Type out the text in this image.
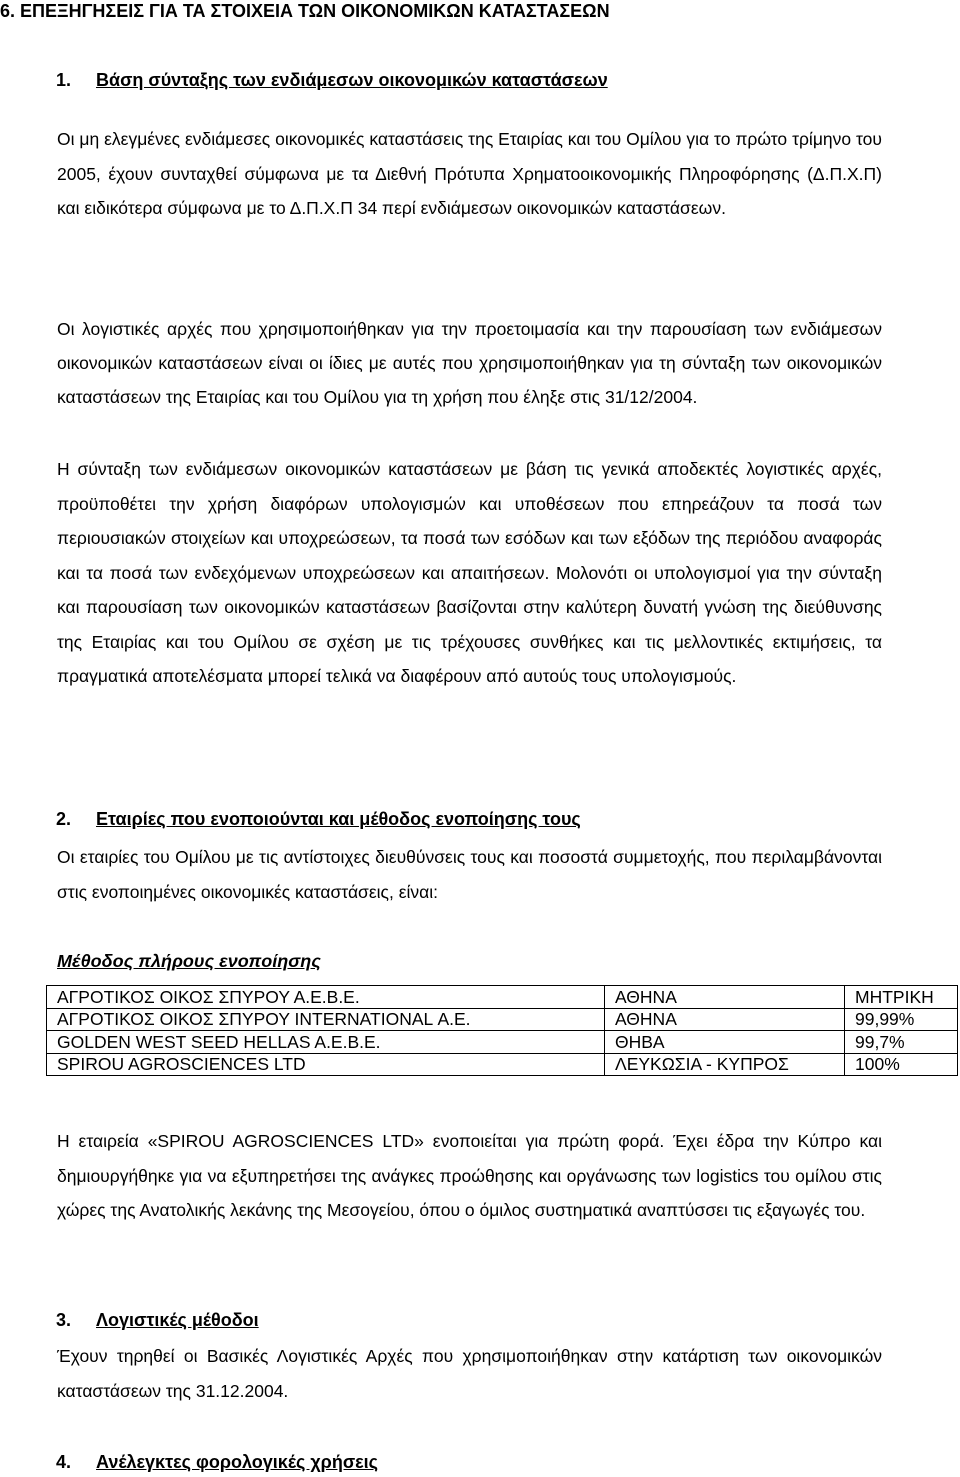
6. ΕΠΕΞΗΓΗΣΕΙΣ ΓΙΑ ΤΑ ΣΤΟΙΧΕΙΑ ΤΩΝ ΟΙΚΟΝΟΜΙΚΩΝ ΚΑΤΑΣΤΑΣΕΩΝ
1. Βάση σύνταξης των ενδιάμεσων οικονομικών καταστάσεων

Οι μη ελεγμένες ενδιάμεσες οικονομικές καταστάσεις της Εταιρίας και του Ομίλου για το πρώτο τρίμηνο του 2005, έχουν συνταχθεί σύμφωνα με τα Διεθνή Πρότυπα Χρηματοοικονομικής Πληροφόρησης (Δ.Π.Χ.Π) και ειδικότερα σύμφωνα με το Δ.Π.Χ.Π 34 περί ενδιάμεσων οικονομικών καταστάσεων.

Οι λογιστικές αρχές που χρησιμοποιήθηκαν για την προετοιμασία και την παρουσίαση των ενδιάμεσων οικονομικών καταστάσεων είναι οι ίδιες με αυτές που χρησιμοποιήθηκαν για τη σύνταξη των οικονομικών καταστάσεων της Εταιρίας και του Ομίλου για τη χρήση που έληξε στις 31/12/2004.

Η σύνταξη των ενδιάμεσων οικονομικών καταστάσεων με βάση τις γενικά αποδεκτές λογιστικές αρχές, προϋποθέτει την χρήση διαφόρων υπολογισμών και υποθέσεων που επηρεάζουν τα ποσά των περιουσιακών στοιχείων και υποχρεώσεων, τα ποσά των εσόδων και των εξόδων της περιόδου αναφοράς και τα ποσά των ενδεχόμενων υποχρεώσεων και απαιτήσεων. Μολονότι οι υπολογισμοί για την σύνταξη και παρουσίαση των οικονομικών καταστάσεων βασίζονται στην καλύτερη δυνατή γνώση της διεύθυνσης της Εταιρίας και του Ομίλου σε σχέση με τις τρέχουσες συνθήκες και τις μελλοντικές εκτιμήσεις, τα πραγματικά αποτελέσματα μπορεί τελικά να διαφέρουν από αυτούς τους υπολογισμούς.

2. Εταιρίες που ενοποιούνται και μέθοδος ενοποίησης τους

Οι εταιρίες του Ομίλου με τις αντίστοιχες διευθύνσεις τους και ποσοστά συμμετοχής, που περιλαμβάνονται στις ενοποιημένες οικονομικές καταστάσεις, είναι:

Μέθοδος πλήρους ενοποίησης
ΑΓΡΟΤΙΚΟΣ ΟΙΚΟΣ ΣΠΥΡΟΥ Α.Ε.Β.Ε.	ΑΘΗΝΑ	ΜΗΤΡΙΚΗ
ΑΓΡΟΤΙΚΟΣ ΟΙΚΟΣ ΣΠΥΡΟΥ INTERNATIONAL Α.Ε.	ΑΘΗΝΑ	99,99%
GOLDEN WEST SEED HELLAS A.E.B.E.	ΘΗΒΑ	99,7%
SPIROU AGROSCIENCES LTD	ΛΕΥΚΩΣΙΑ - ΚΥΠΡΟΣ	100%

Η εταιρεία «SPIROU AGROSCIENCES LTD» ενοποιείται για πρώτη φορά. Έχει έδρα την Κύπρο και δημιουργήθηκε για να εξυπηρετήσει της ανάγκες προώθησης και οργάνωσης των logistics του ομίλου στις χώρες της Ανατολικής λεκάνης της Μεσογείου, όπου ο όμιλος συστηματικά αναπτύσσει τις εξαγωγές του.

3. Λογιστικές μέθοδοι

Έχουν τηρηθεί οι Βασικές Λογιστικές Αρχές που χρησιμοποιήθηκαν στην κατάρτιση των οικονομικών καταστάσεων της 31.12.2004.

4. Ανέλεγκτες φορολογικές χρήσεις
